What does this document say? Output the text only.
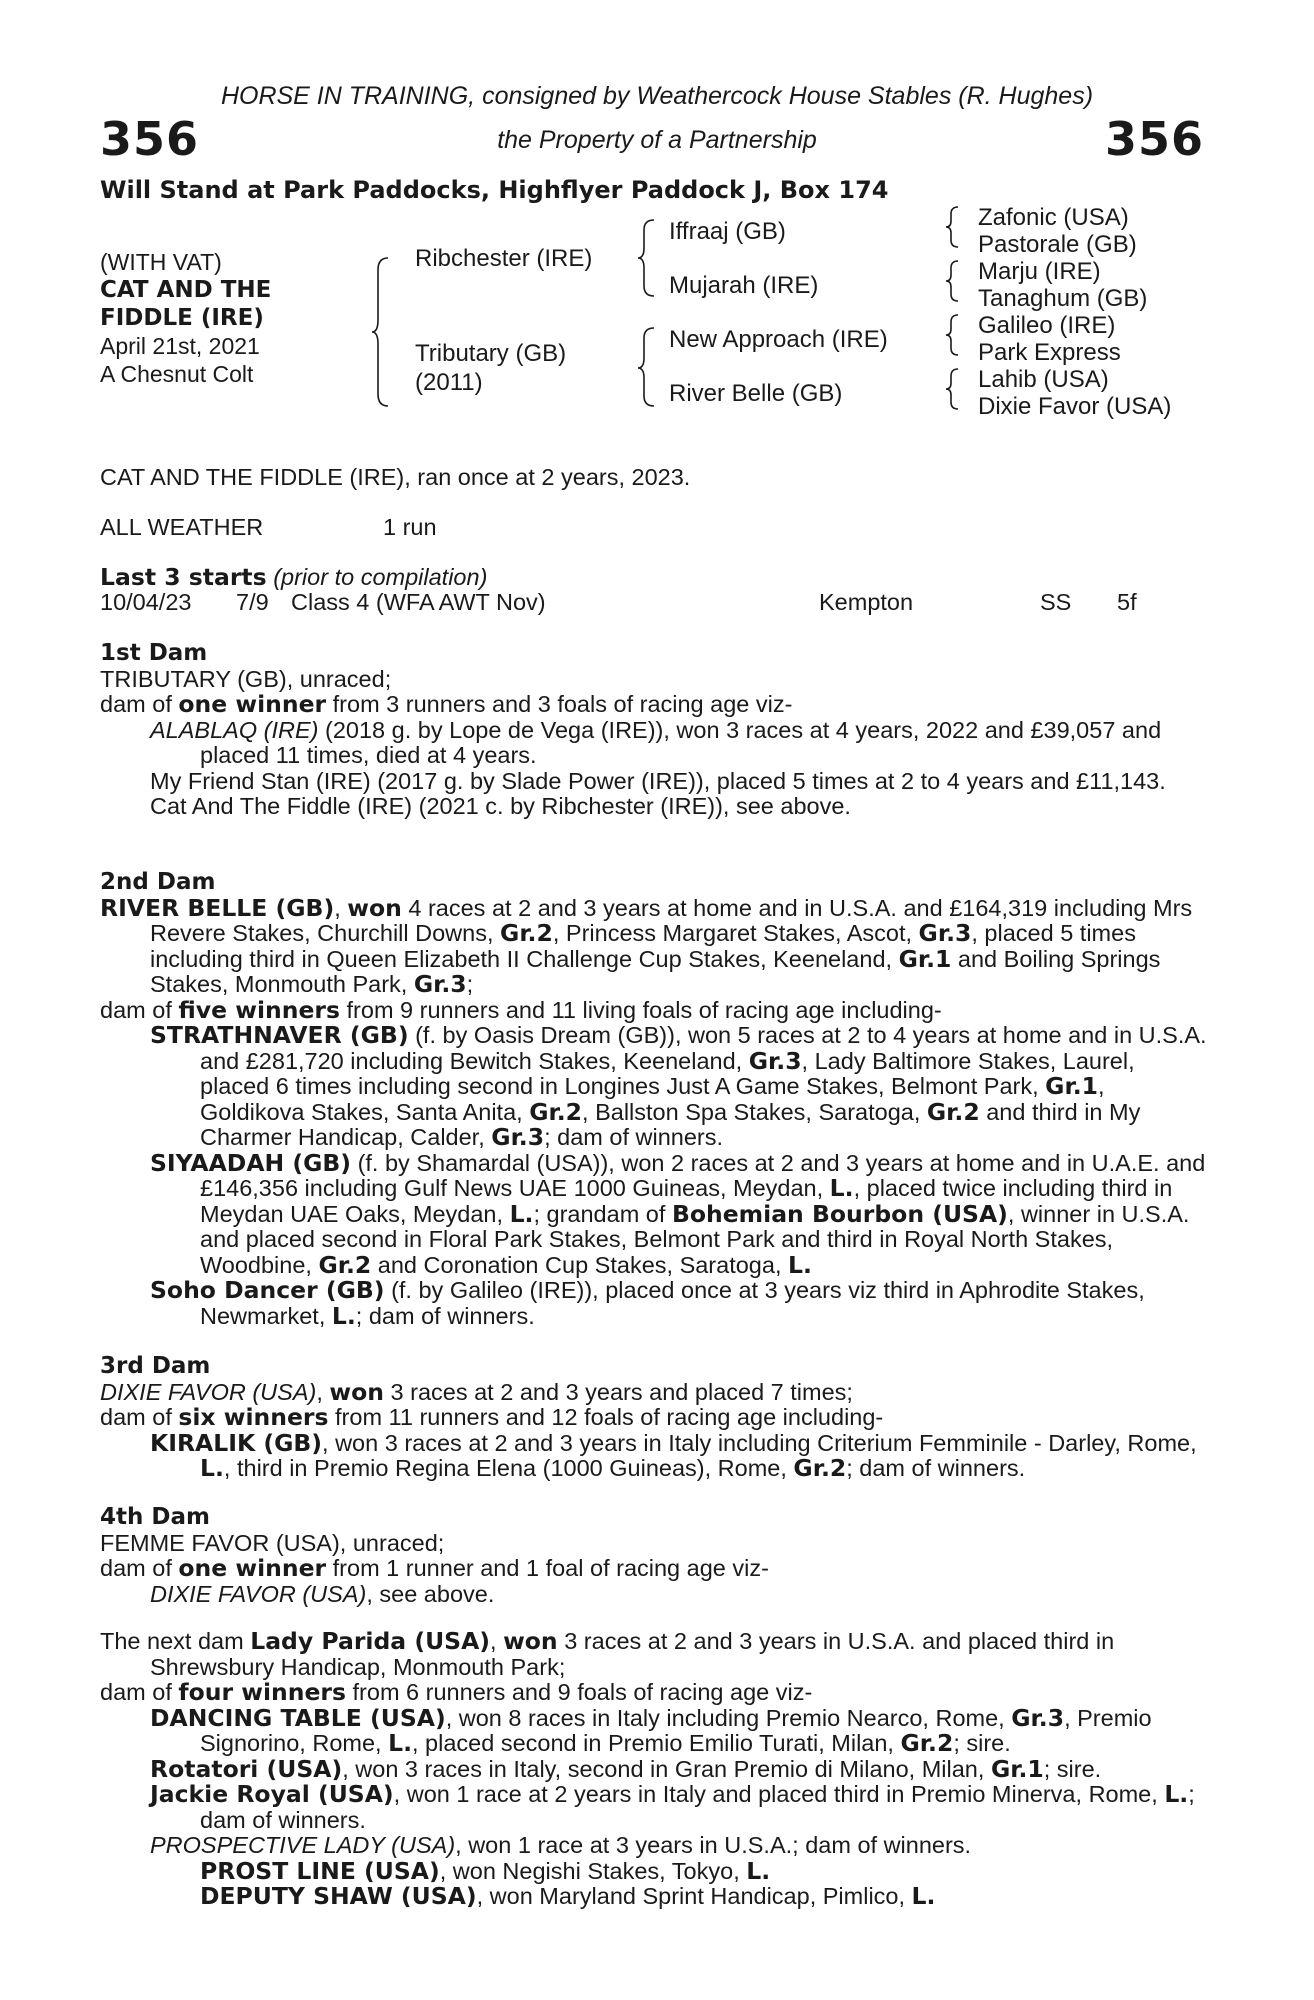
HORSE IN TRAINING, consigned by Weathercock House Stables (R. Hughes)
the Property of a Partnership
356	356
Will Stand at Park Paddocks, Highflyer Paddock J, Box 174
(WITH VAT)
CAT AND THE
FIDDLE (IRE)
April 21st, 2021
A Chesnut Colt
Ribchester (IRE)
Tributary (GB)
(2011)
Iffraaj (GB)
Mujarah (IRE)
New Approach (IRE)
River Belle (GB)
Zafonic (USA)
Pastorale (GB)
Marju (IRE)
Tanaghum (GB)
Galileo (IRE)
Park Express
Lahib (USA)
Dixie Favor (USA)
CAT AND THE FIDDLE (IRE), ran once at 2 years, 2023.
ALL WEATHER	1 run
Last 3 starts (prior to compilation)
10/04/23 7/9 Class 4 (WFA AWT Nov)	Kempton	SS 5f
1st Dam
TRIBUTARY (GB), unraced;
dam of one winner from 3 runners and 3 foals of racing age viz-
ALABLAQ (IRE) (2018 g. by Lope de Vega (IRE)), won 3 races at 4 years, 2022 and £39,057 and placed 11 times, died at 4 years.
My Friend Stan (IRE) (2017 g. by Slade Power (IRE)), placed 5 times at 2 to 4 years and £11,143.
Cat And The Fiddle (IRE) (2021 c. by Ribchester (IRE)), see above.
2nd Dam
RIVER BELLE (GB), won 4 races at 2 and 3 years at home and in U.S.A. and £164,319 including Mrs Revere Stakes, Churchill Downs, Gr.2, Princess Margaret Stakes, Ascot, Gr.3, placed 5 times including third in Queen Elizabeth II Challenge Cup Stakes, Keeneland, Gr.1 and Boiling Springs Stakes, Monmouth Park, Gr.3;
dam of five winners from 9 runners and 11 living foals of racing age including-
STRATHNAVER (GB) (f. by Oasis Dream (GB)), won 5 races at 2 to 4 years at home and in U.S.A. and £281,720 including Bewitch Stakes, Keeneland, Gr.3, Lady Baltimore Stakes, Laurel, placed 6 times including second in Longines Just A Game Stakes, Belmont Park, Gr.1, Goldikova Stakes, Santa Anita, Gr.2, Ballston Spa Stakes, Saratoga, Gr.2 and third in My Charmer Handicap, Calder, Gr.3; dam of winners.
SIYAADAH (GB) (f. by Shamardal (USA)), won 2 races at 2 and 3 years at home and in U.A.E. and £146,356 including Gulf News UAE 1000 Guineas, Meydan, L., placed twice including third in Meydan UAE Oaks, Meydan, L.; grandam of Bohemian Bourbon (USA), winner in U.S.A. and placed second in Floral Park Stakes, Belmont Park and third in Royal North Stakes, Woodbine, Gr.2 and Coronation Cup Stakes, Saratoga, L.
Soho Dancer (GB) (f. by Galileo (IRE)), placed once at 3 years viz third in Aphrodite Stakes, Newmarket, L.; dam of winners.
3rd Dam
DIXIE FAVOR (USA), won 3 races at 2 and 3 years and placed 7 times;
dam of six winners from 11 runners and 12 foals of racing age including-
KIRALIK (GB), won 3 races at 2 and 3 years in Italy including Criterium Femminile - Darley, Rome, L., third in Premio Regina Elena (1000 Guineas), Rome, Gr.2; dam of winners.
4th Dam
FEMME FAVOR (USA), unraced;
dam of one winner from 1 runner and 1 foal of racing age viz-
DIXIE FAVOR (USA), see above.
The next dam Lady Parida (USA), won 3 races at 2 and 3 years in U.S.A. and placed third in Shrewsbury Handicap, Monmouth Park;
dam of four winners from 6 runners and 9 foals of racing age viz-
DANCING TABLE (USA), won 8 races in Italy including Premio Nearco, Rome, Gr.3, Premio Signorino, Rome, L., placed second in Premio Emilio Turati, Milan, Gr.2; sire.
Rotatori (USA), won 3 races in Italy, second in Gran Premio di Milano, Milan, Gr.1; sire.
Jackie Royal (USA), won 1 race at 2 years in Italy and placed third in Premio Minerva, Rome, L.; dam of winners.
PROSPECTIVE LADY (USA), won 1 race at 3 years in U.S.A.; dam of winners.
PROST LINE (USA), won Negishi Stakes, Tokyo, L.
DEPUTY SHAW (USA), won Maryland Sprint Handicap, Pimlico, L.
